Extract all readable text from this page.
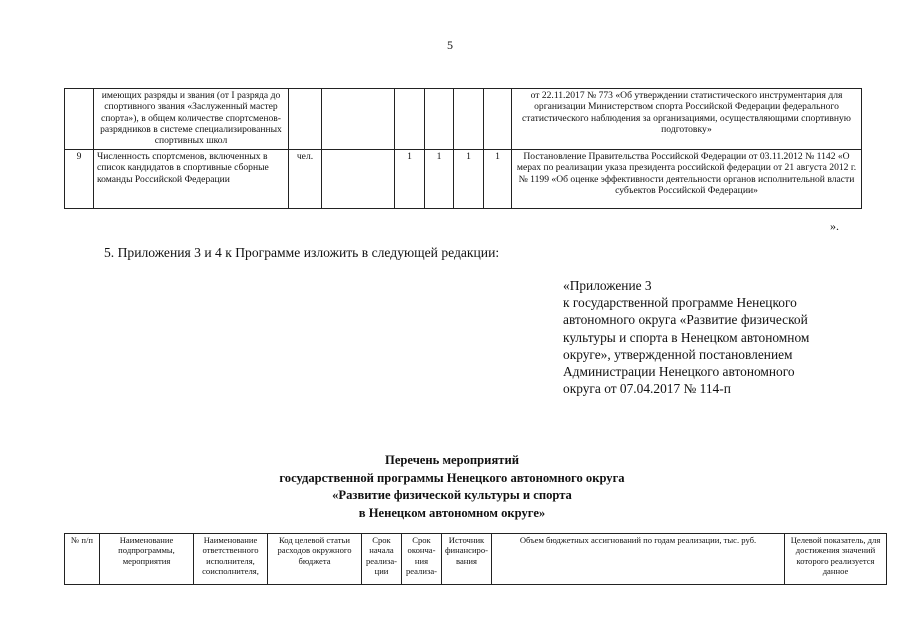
5
	имеющих разряды и звания (от I разряда до спортивного звания «Заслуженный мастер спорта»), в общем количестве спортсменов-разрядников в системе специализированных спортивных школ							от 22.11.2017 № 773 «Об утверждении статистического инструментария для организации Министерством спорта Российской Федерации федерального статистического наблюдения за организациями, осуществляющими спортивную подготовку»
9	Численность спортсменов, включенных в список кандидатов в спортивные сборные команды Российской Федерации	чел.		1	1	1	1	Постановление Правительства Российской Федерации от 03.11.2012 № 1142 «О мерах по реализации указа президента российской федерации от 21 августа 2012 г. № 1199 «Об оценке эффективности деятельности органов исполнительной власти субъектов Российской Федерации»
».
5. Приложения 3 и 4 к Программе изложить в следующей редакции:
«Приложение 3
к государственной программе Ненецкого
автономного округа «Развитие физической
культуры и спорта в Ненецком автономном
округе», утвержденной постановлением
Администрации Ненецкого автономного
округа от 07.04.2017 № 114-п
Перечень мероприятий
государственной программы Ненецкого автономного округа
«Развитие физической культуры и спорта
в Ненецком автономном округе»
№ п/п	Наименование подпрограммы, мероприятия	Наименование ответственного исполнителя, соисполнителя,	Код целевой статьи расходов окружного бюджета	Срок начала реализа-ции	Срок оконча-ния реализа-	Источник финансиро-вания	Объем бюджетных ассигнований по годам реализации, тыс. руб.	Целевой показатель, для достижения значений которого реализуется данное
